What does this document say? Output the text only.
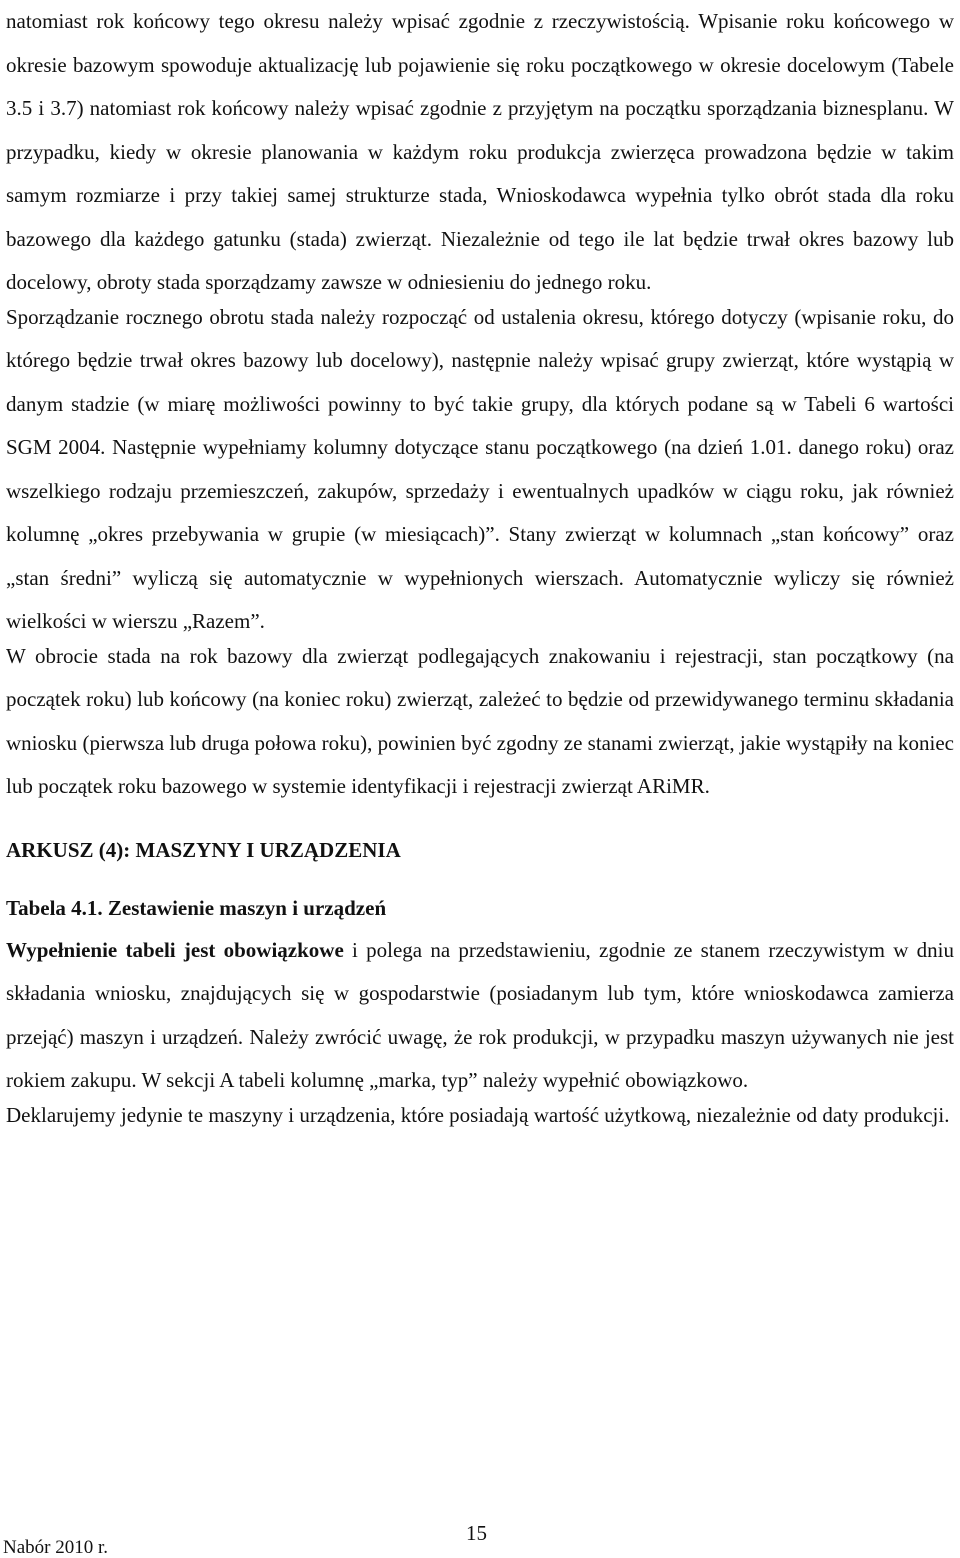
natomiast rok końcowy tego okresu należy wpisać zgodnie z rzeczywistością. Wpisanie roku końcowego w okresie bazowym spowoduje aktualizację lub pojawienie się roku początkowego w okresie docelowym (Tabele 3.5 i 3.7) natomiast rok końcowy należy wpisać zgodnie z przyjętym na początku sporządzania biznesplanu. W przypadku, kiedy w okresie planowania w każdym roku produkcja zwierzęca prowadzona będzie w takim samym rozmiarze i przy takiej samej strukturze stada, Wnioskodawca wypełnia tylko obrót stada dla roku bazowego dla każdego gatunku (stada) zwierząt. Niezależnie od tego ile lat będzie trwał okres bazowy lub docelowy, obroty stada sporządzamy zawsze w odniesieniu do jednego roku.

Sporządzanie rocznego obrotu stada należy rozpocząć od ustalenia okresu, którego dotyczy (wpisanie roku, do którego będzie trwał okres bazowy lub docelowy), następnie należy wpisać grupy zwierząt, które wystąpią w danym stadzie (w miarę możliwości powinny to być takie grupy, dla których podane są w Tabeli 6 wartości SGM 2004. Następnie wypełniamy kolumny dotyczące stanu początkowego (na dzień 1.01. danego roku) oraz wszelkiego rodzaju przemieszczeń, zakupów, sprzedaży i ewentualnych upadków w ciągu roku, jak również kolumnę „okres przebywania w grupie (w miesiącach)”. Stany zwierząt w kolumnach „stan końcowy” oraz „stan średni” wyliczą się automatycznie w wypełnionych wierszach. Automatycznie wyliczy się również wielkości w wierszu „Razem”.

W obrocie stada na rok bazowy dla zwierząt podlegających znakowaniu i rejestracji, stan początkowy (na początek roku) lub końcowy (na koniec roku) zwierząt, zależeć to będzie od przewidywanego terminu składania wniosku (pierwsza lub druga połowa roku), powinien być zgodny ze stanami zwierząt, jakie wystąpiły na koniec lub początek roku bazowego w systemie identyfikacji i rejestracji zwierząt ARiMR.

ARKUSZ (4): MASZYNY I URZĄDZENIA
Tabela 4.1. Zestawienie maszyn i urządzeń

Wypełnienie tabeli jest obowiązkowe i polega na przedstawieniu, zgodnie ze stanem rzeczywistym w dniu składania wniosku, znajdujących się w gospodarstwie (posiadanym lub tym, które wnioskodawca zamierza przejąć) maszyn i urządzeń. Należy zwrócić uwagę, że rok produkcji, w przypadku maszyn używanych nie jest rokiem zakupu. W sekcji A tabeli kolumnę „marka, typ” należy wypełnić obowiązkowo.

Deklarujemy jedynie te maszyny i urządzenia, które posiadają wartość użytkową, niezależnie od daty produkcji.

15
Nabór 2010 r.
